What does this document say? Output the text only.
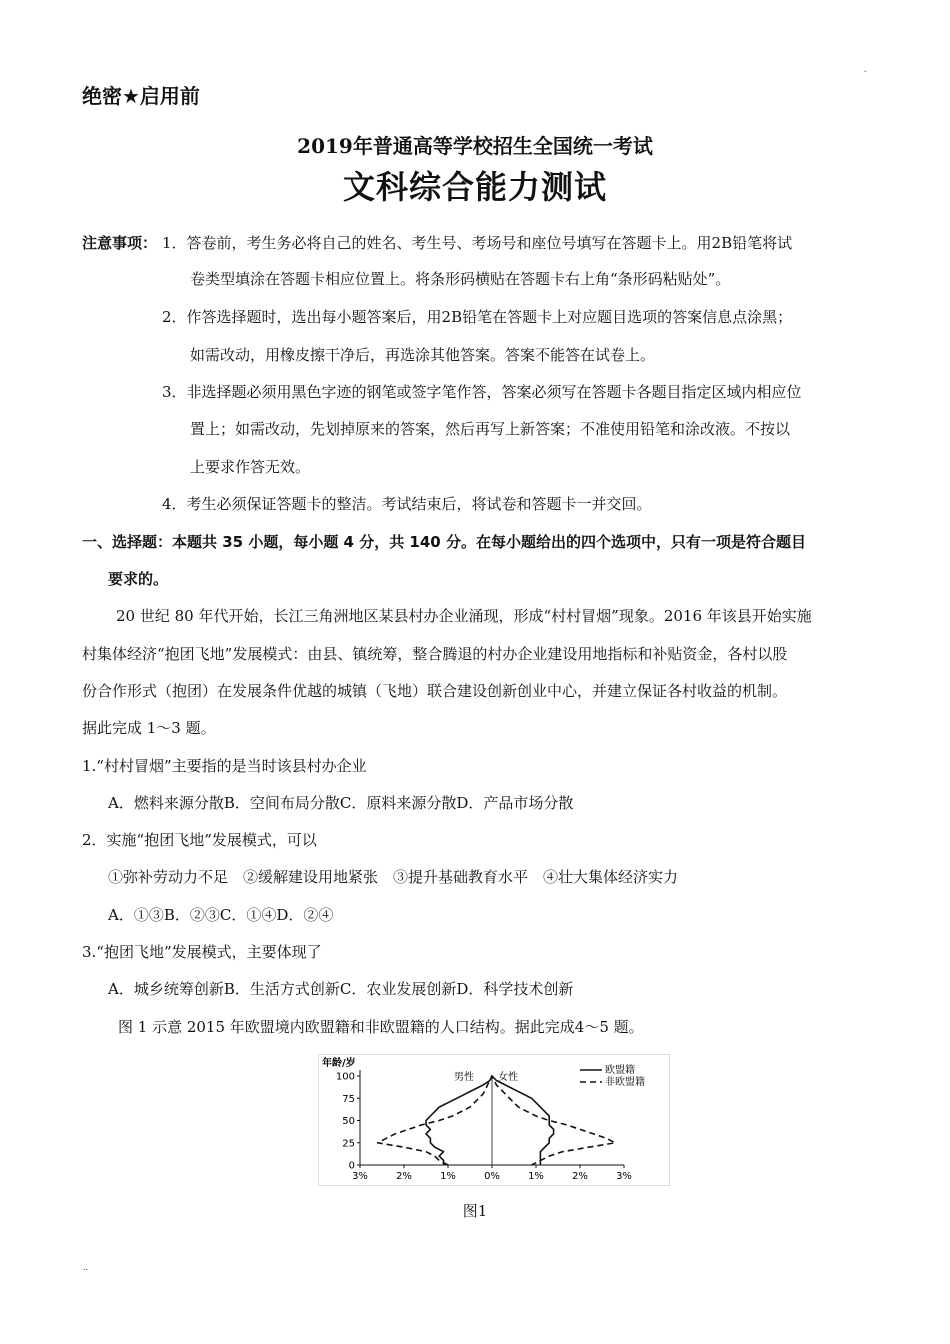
.
..
绝密★启用前
2019年普通高等学校招生全国统一考试
文科综合能力测试
注意事项： 1．答卷前，考生务必将自己的姓名、考生号、考场号和座位号填写在答题卡上。用2B铅笔将试
卷类型填涂在答题卡相应位置上。将条形码横贴在答题卡右上角“条形码粘贴处”。
2．作答选择题时，选出每小题答案后，用2B铅笔在答题卡上对应题目选项的答案信息点涂黑；
如需改动，用橡皮擦干净后，再选涂其他答案。答案不能答在试卷上。
3．非选择题必须用黑色字迹的钢笔或签字笔作答，答案必须写在答题卡各题目指定区域内相应位
置上；如需改动，先划掉原来的答案，然后再写上新答案；不准使用铅笔和涂改液。不按以
上要求作答无效。
4．考生必须保证答题卡的整洁。考试结束后，将试卷和答题卡一并交回。
一、选择题：本题共 35 小题，每小题 4 分，共 140 分。在每小题给出的四个选项中，只有一项是符合题目
要求的。
20 世纪 80 年代开始，长江三角洲地区某县村办企业涌现，形成“村村冒烟”现象。2016 年该县开始实施
村集体经济“抱团飞地”发展模式：由县、镇统筹，整合腾退的村办企业建设用地指标和补贴资金，各村以股
份合作形式（抱团）在发展条件优越的城镇（飞地）联合建设创新创业中心，并建立保证各村收益的机制。
据此完成 1～3 题。
1.“村村冒烟”主要指的是当时该县村办企业
A．燃料来源分散B．空间布局分散C．原料来源分散D．产品市场分散
2．实施“抱团飞地”发展模式，可以
①弥补劳动力不足　②缓解建设用地紧张　③提升基础教育水平　④壮大集体经济实力
A．①③B．②③C．①④D．②④
3.“抱团飞地”发展模式，主要体现了
A．城乡统筹创新B．生活方式创新C．农业发展创新D．科学技术创新
图 1 示意 2015 年欧盟境内欧盟籍和非欧盟籍的人口结构。据此完成4～5 题。
年龄/岁
男性 女性
欧盟籍
非欧盟籍
0
25
50
75
100
3%	2%	1%	0%	1%	2%	3%
图1
